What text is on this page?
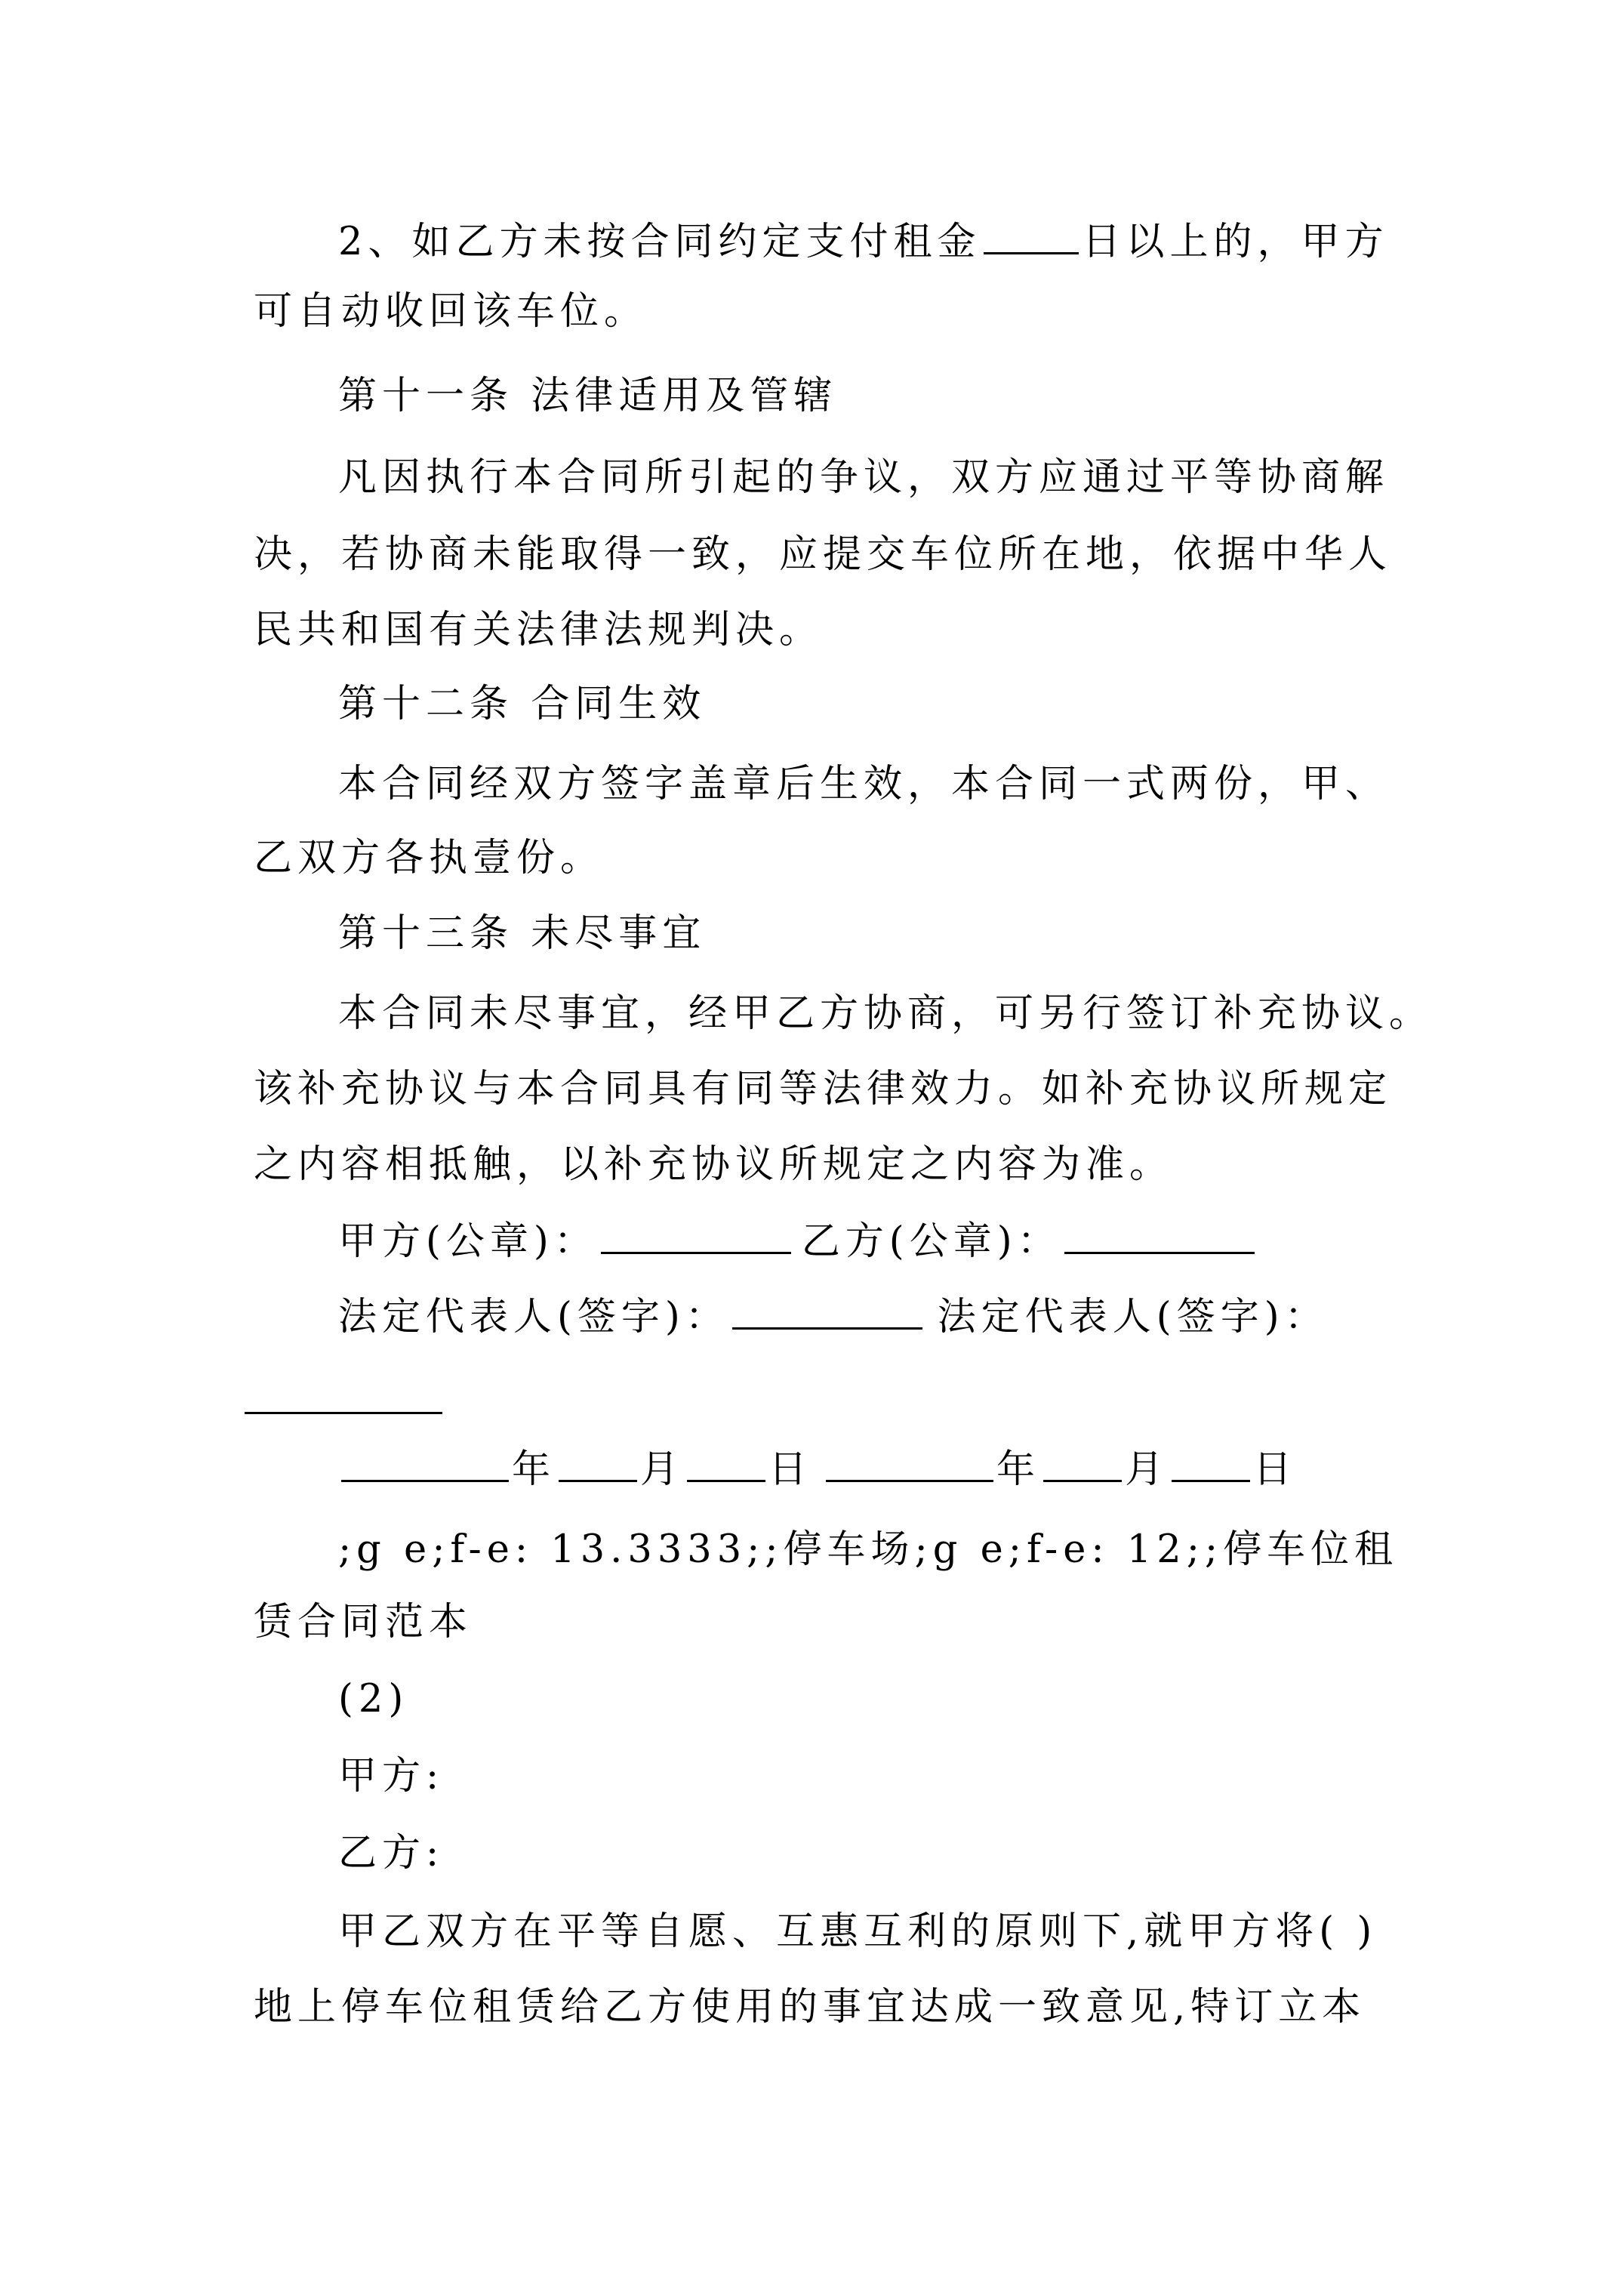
2、如乙方未按合同约定支付租金	日以上的，甲方
可自动收回该车位。
第十一条 法律适用及管辖
凡因执行本合同所引起的争议，双方应通过平等协商解
决，若协商未能取得一致，应提交车位所在地，依据中华人
民共和国有关法律法规判决。
第十二条 合同生效
本合同经双方签字盖章后生效，本合同一式两份，甲、
乙双方各执壹份。
第十三条 未尽事宜
本合同未尽事宜，经甲乙方协商，可另行签订补充协议。
该补充协议与本合同具有同等法律效力。如补充协议所规定
之内容相抵触，以补充协议所规定之内容为准。
甲方(公章)：	乙方(公章)：
法定代表人(签字)：	法定代表人(签字)：
年 月 日	年 月 日
;g e;f-e: 13.3333;;停车场;g e;f-e: 12;;停车位租
赁合同范本
(2)
甲方:
乙方:
甲乙双方在平等自愿、互惠互利的原则下,就甲方将( )
地上停车位租赁给乙方使用的事宜达成一致意见,特订立本
